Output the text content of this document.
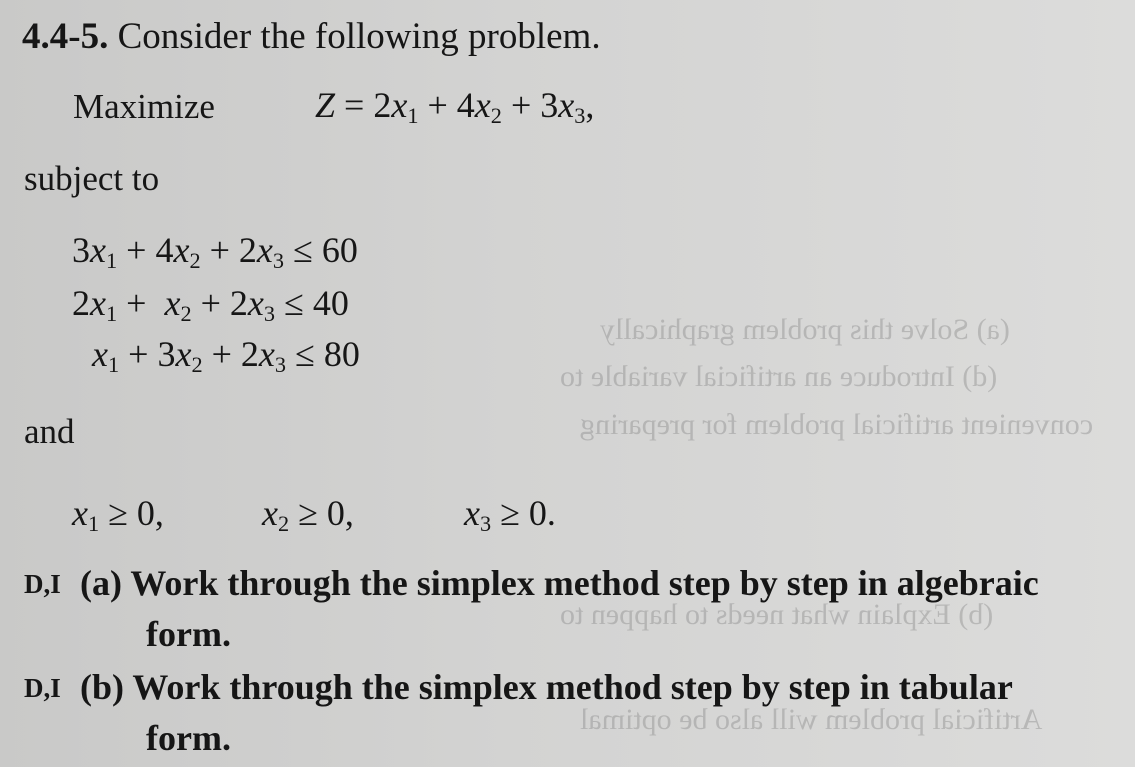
(a) Solve this problem graphically
(d) Introduce an artificial variable to
convenient artificial problem for preparing
(b) Explain what needs to happen to
Artificial problem will also be optimal
4.4-5. Consider the following problem.
Maximize	$Z = 2x_1 + 4x_2 + 3x_3$,
subject to
$3x_1 + 4x_2 + 2x_3 \le 60$
$2x_1 + x_2 + 2x_3 \le 40$
$x_1 + 3x_2 + 2x_3 \le 80$
and
$x_1 \ge 0$,	$x_2 \ge 0$,	$x_3 \ge 0$.
D,I (a) Work through the simplex method step by step in algebraic
form.
D,I (b) Work through the simplex method step by step in tabular
form.
